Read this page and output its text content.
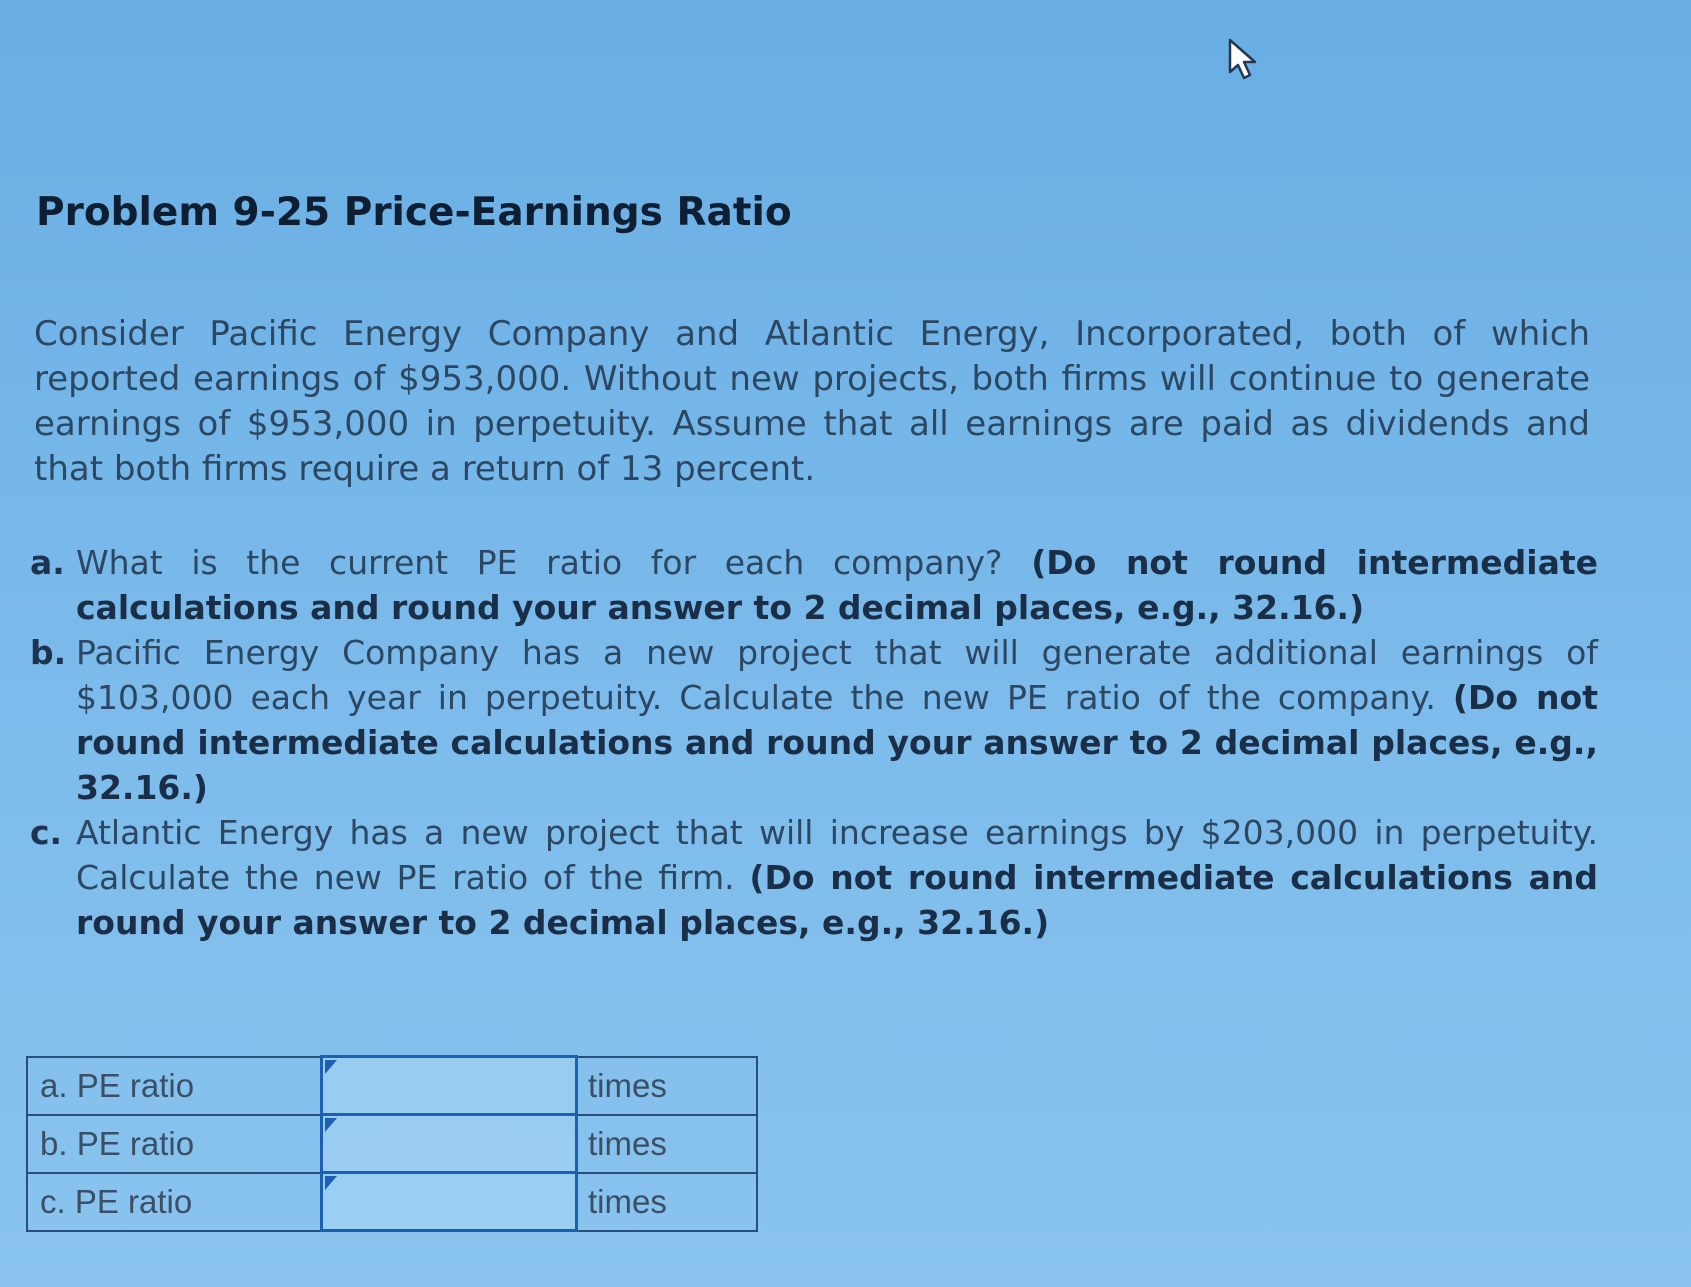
Problem 9-25 Price-Earnings Ratio

Consider Pacific Energy Company and Atlantic Energy, Incorporated, both of which reported earnings of $953,000. Without new projects, both firms will continue to generate earnings of $953,000 in perpetuity. Assume that all earnings are paid as dividends and that both firms require a return of 13 percent.

a. What is the current PE ratio for each company? (Do not round intermediate calculations and round your answer to 2 decimal places, e.g., 32.16.)
b. Pacific Energy Company has a new project that will generate additional earnings of $103,000 each year in perpetuity. Calculate the new PE ratio of the company. (Do not round intermediate calculations and round your answer to 2 decimal places, e.g., 32.16.)
c. Atlantic Energy has a new project that will increase earnings by $203,000 in perpetuity. Calculate the new PE ratio of the firm. (Do not round intermediate calculations and round your answer to 2 decimal places, e.g., 32.16.)
a. PE ratio		times
b. PE ratio		times
c. PE ratio		times
